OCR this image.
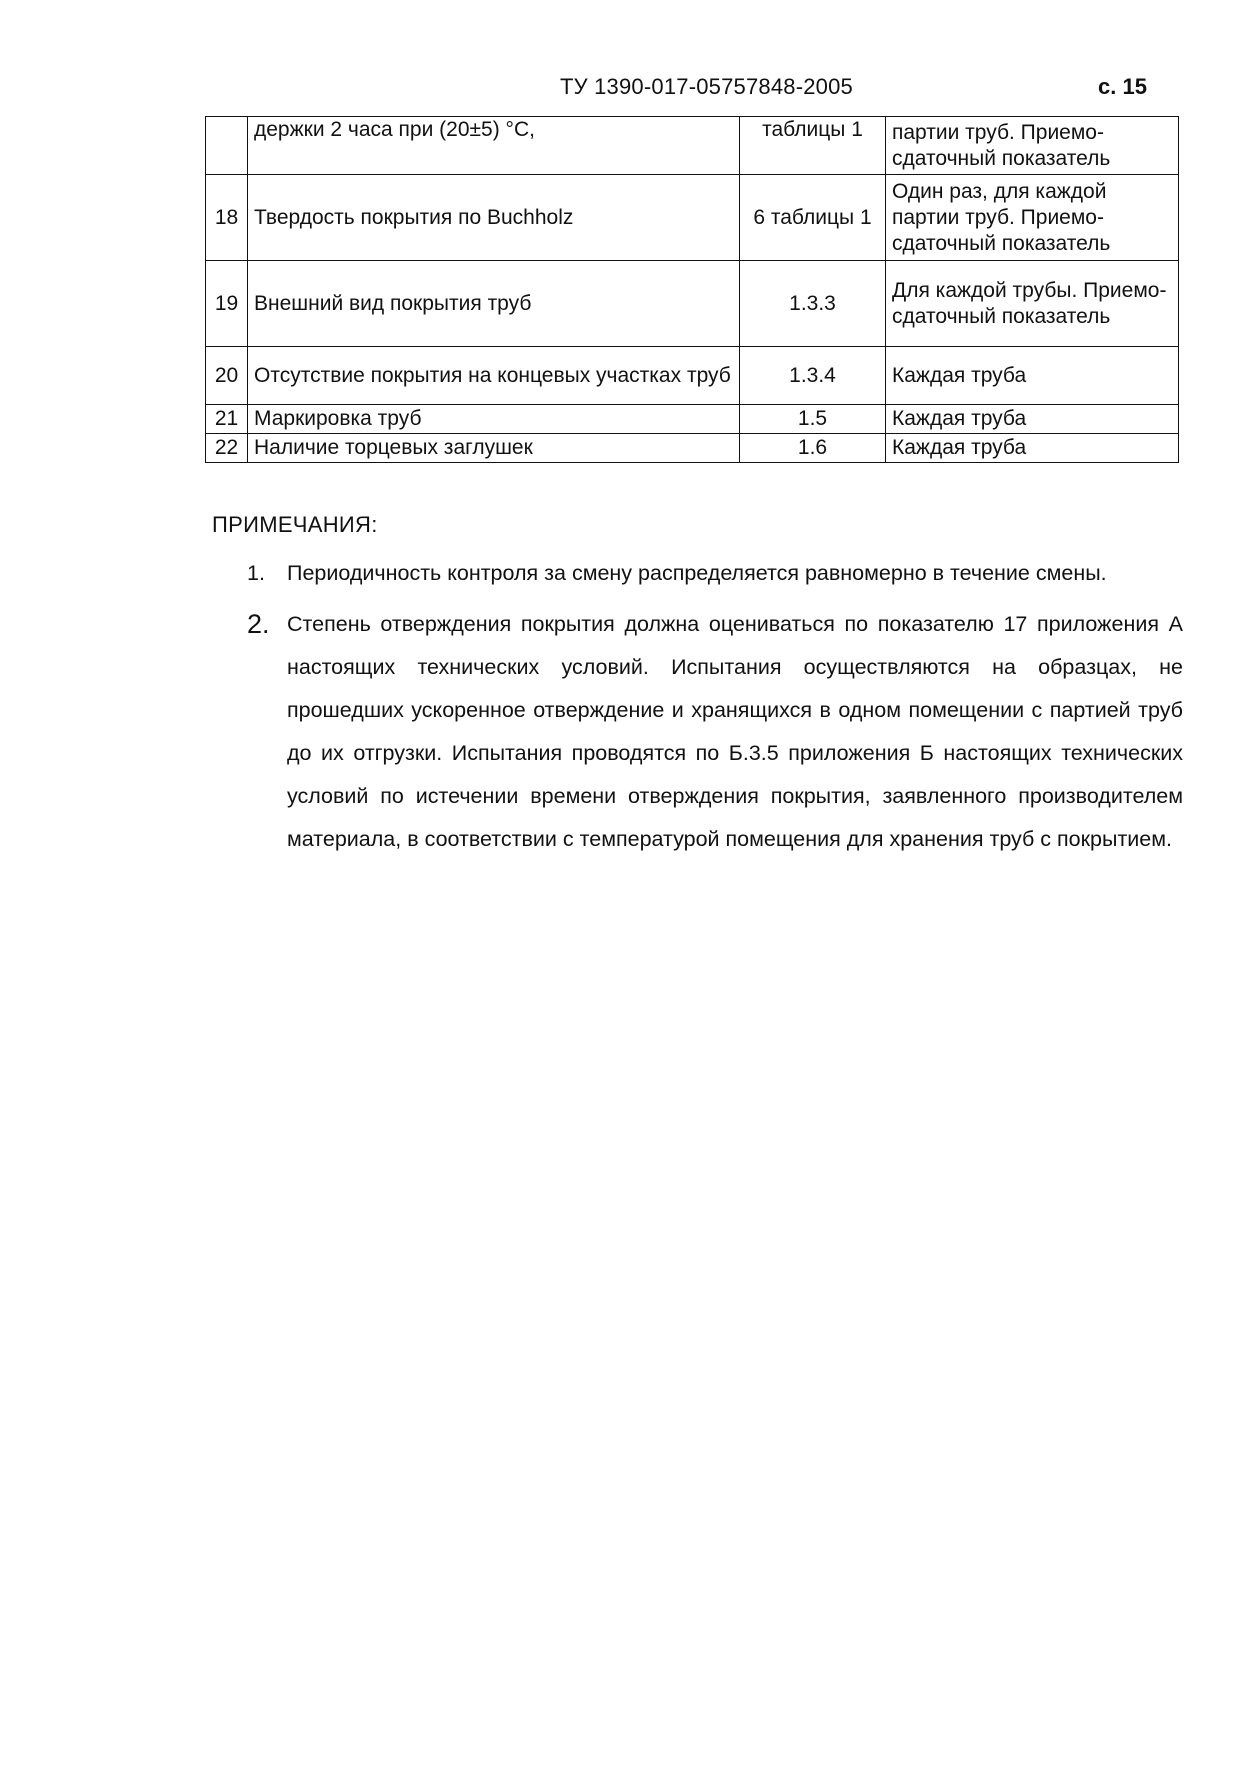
ТУ 1390-017-05757848-2005	с. 15
	держки 2 часа при (20±5) °С,	таблицы 1	партии труб. Приемо-сдаточный показатель
18	Твердость покрытия по Buchholz	6 таблицы 1	Один раз, для каждой партии труб. Приемо-сдаточный показатель
19	Внешний вид покрытия труб	1.3.3	Для каждой трубы. Приемо-сдаточный показатель
20	Отсутствие покрытия на концевых участках труб	1.3.4	Каждая труба
21	Маркировка труб	1.5	Каждая труба
22	Наличие торцевых заглушек	1.6	Каждая труба
ПРИМЕЧАНИЯ:
1. Периодичность контроля за смену распределяется равномерно в течение смены.
2. Степень отверждения покрытия должна оцениваться по показателю 17 приложения А настоящих технических условий. Испытания осуществляются на образцах, не прошедших ускоренное отверждение и хранящихся в одном помещении с партией труб до их отгрузки. Испытания проводятся по Б.3.5 приложения Б настоящих технических условий по истечении времени отверждения покрытия, заявленного производителем материала, в соответствии с температурой помещения для хранения труб с покрытием.
